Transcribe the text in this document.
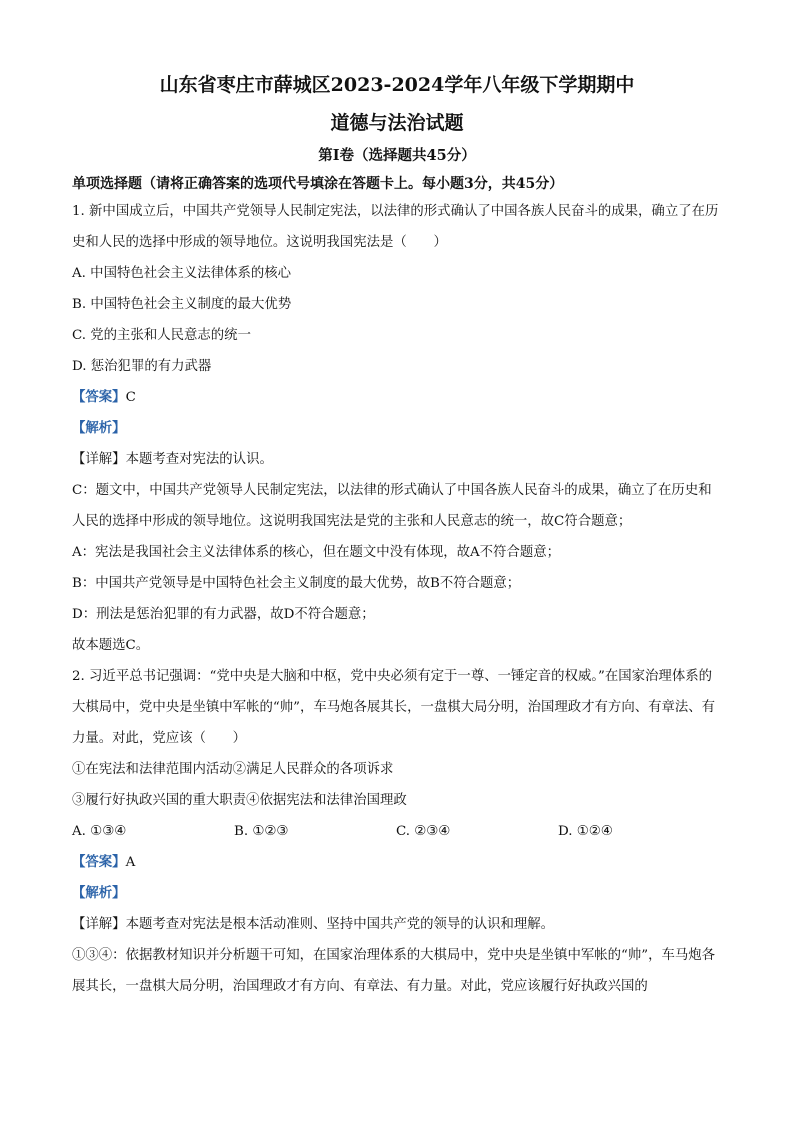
山东省枣庄市薛城区2023-2024学年八年级下学期期中
道德与法治试题
第Ⅰ卷（选择题共45分）
单项选择题（请将正确答案的选项代号填涂在答题卡上。每小题3分，共45分）
1. 新中国成立后，中国共产党领导人民制定宪法，以法律的形式确认了中国各族人民奋斗的成果，确立了在历史和人民的选择中形成的领导地位。这说明我国宪法是（　　）
A. 中国特色社会主义法律体系的核心
B. 中国特色社会主义制度的最大优势
C. 党的主张和人民意志的统一
D. 惩治犯罪的有力武器
【答案】C
【解析】
【详解】本题考查对宪法的认识。
C：题文中，中国共产党领导人民制定宪法，以法律的形式确认了中国各族人民奋斗的成果，确立了在历史和人民的选择中形成的领导地位。这说明我国宪法是党的主张和人民意志的统一，故C符合题意；
A：宪法是我国社会主义法律体系的核心，但在题文中没有体现，故A不符合题意；
B：中国共产党领导是中国特色社会主义制度的最大优势，故B不符合题意；
D：刑法是惩治犯罪的有力武器，故D不符合题意；
故本题选C。
2. 习近平总书记强调：“党中央是大脑和中枢，党中央必须有定于一尊、一锤定音的权威。”在国家治理体系的大棋局中，党中央是坐镇中军帐的“帅”，车马炮各展其长，一盘棋大局分明，治国理政才有方向、有章法、有力量。对此，党应该（　　）
①在宪法和法律范围内活动②满足人民群众的各项诉求
③履行好执政兴国的重大职责④依据宪法和法律治国理政
A. ①③④	B. ①②③	C. ②③④	D. ①②④
【答案】A
【解析】
【详解】本题考查对宪法是根本活动准则、坚持中国共产党的领导的认识和理解。
①③④：依据教材知识并分析题干可知，在国家治理体系的大棋局中，党中央是坐镇中军帐的“帅”，车马炮各展其长，一盘棋大局分明，治国理政才有方向、有章法、有力量。对此，党应该履行好执政兴国的
